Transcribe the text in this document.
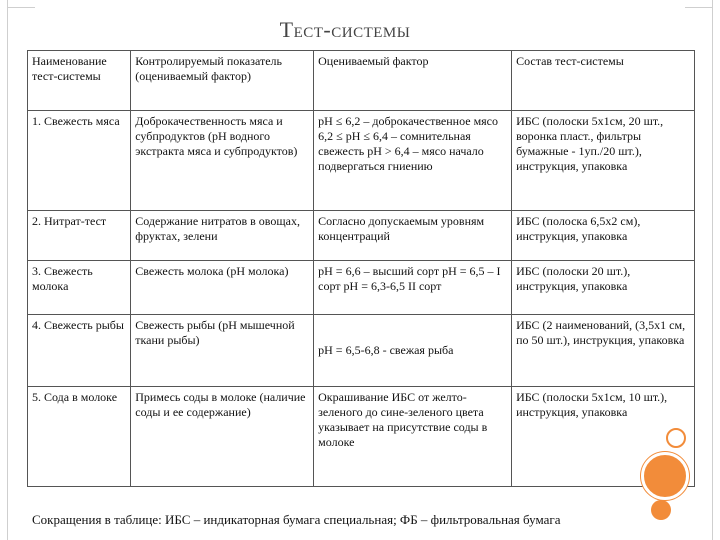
Тест-системы
Наименование тест-системы	Контролируемый показатель (оцениваемый фактор)	Оцениваемый фактор	Состав тест-системы
1. Свежесть мяса	Доброкачественность мяса и субпродуктов (рН водного экстракта мяса и субпродуктов)	рН ≤ 6,2 – доброкачественное мясо 6,2 ≤ рН ≤ 6,4 – сомнительная свежесть рН > 6,4 – мясо начало подвергаться гниению	ИБС (полоски 5х1см, 20 шт., воронка пласт., фильтры бумажные - 1уп./20 шт.), инструкция, упаковка
2. Нитрат-тест	Содержание нитратов в овощах, фруктах, зелени	Согласно допускаемым уровням концентраций	ИБС (полоска 6,5х2 см), инструкция, упаковка
3. Свежесть молока	Свежесть молока (рН молока)	рН = 6,6 – высший сорт рН = 6,5 – I сорт рН = 6,3-6,5 II сорт	ИБС (полоски 20 шт.), инструкция, упаковка
4. Свежесть рыбы	Свежесть рыбы (рН мышечной ткани рыбы)	рН = 6,5-6,8 - свежая рыба	ИБС (2 наименований, (3,5х1 см, по 50 шт.), инструкция, упаковка
5. Сода в молоке	Примесь соды в молоке (наличие соды и ее содержание)	Окрашивание ИБС от желто-зеленого до сине-зеленого цвета указывает на присутствие соды в молоке	ИБС (полоски 5х1см, 10 шт.), инструкция, упаковка
Сокращения в таблице: ИБС – индикаторная бумага специальная; ФБ – фильтровальная бумага
